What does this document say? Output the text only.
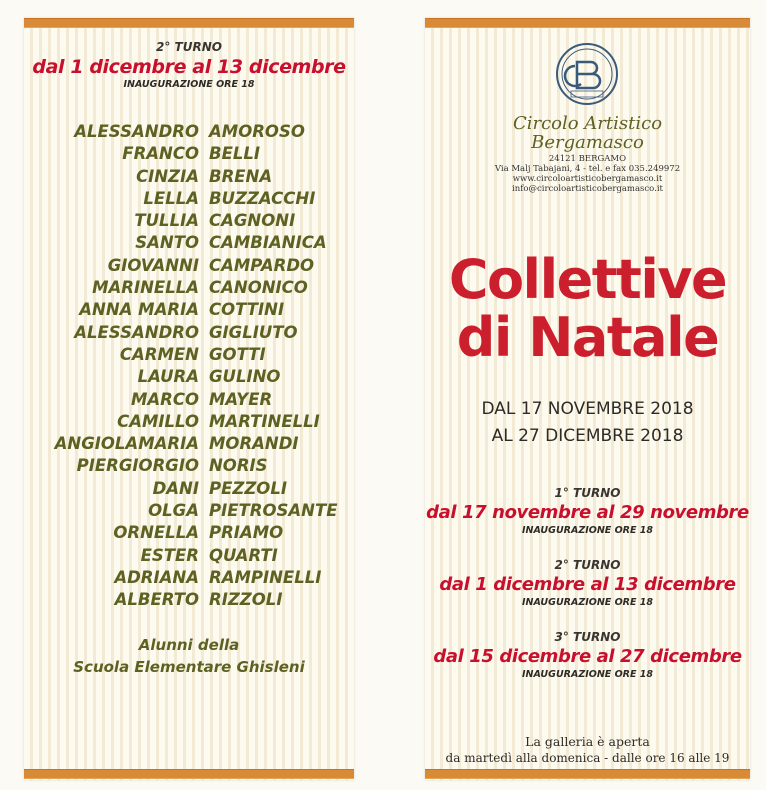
2° TURNO
dal 1 dicembre al 13 dicembre
INAUGURAZIONE ORE 18
ALESSANDRO AMOROSO
FRANCO BELLI
CINZIA BRENA
LELLA BUZZACCHI
TULLIA CAGNONI
SANTO CAMBIANICA
GIOVANNI CAMPARDO
MARINELLA CANONICO
ANNA MARIA COTTINI
ALESSANDRO GIGLIUTO
CARMEN GOTTI
LAURA GULINO
MARCO MAYER
CAMILLO MARTINELLI
ANGIOLAMARIA MORANDI
PIERGIORGIO NORIS
DANI PEZZOLI
OLGA PIETROSANTE
ORNELLA PRIAMO
ESTER QUARTI
ADRIANA RAMPINELLI
ALBERTO RIZZOLI
Alunni della
Scuola Elementare Ghisleni
Circolo Artistico
Bergamasco
24121 BERGAMO
Via Malj Tabajani, 4 - tel. e fax 035.249972
www.circoloartisticobergamasco.it
info@circoloartisticobergamasco.it
Collettive
di Natale
DAL 17 NOVEMBRE 2018
AL 27 DICEMBRE 2018
1° TURNO
dal 17 novembre al 29 novembre
INAUGURAZIONE ORE 18
2° TURNO
dal 1 dicembre al 13 dicembre
INAUGURAZIONE ORE 18
3° TURNO
dal 15 dicembre al 27 dicembre
INAUGURAZIONE ORE 18
La galleria è aperta
da martedì alla domenica - dalle ore 16 alle 19
